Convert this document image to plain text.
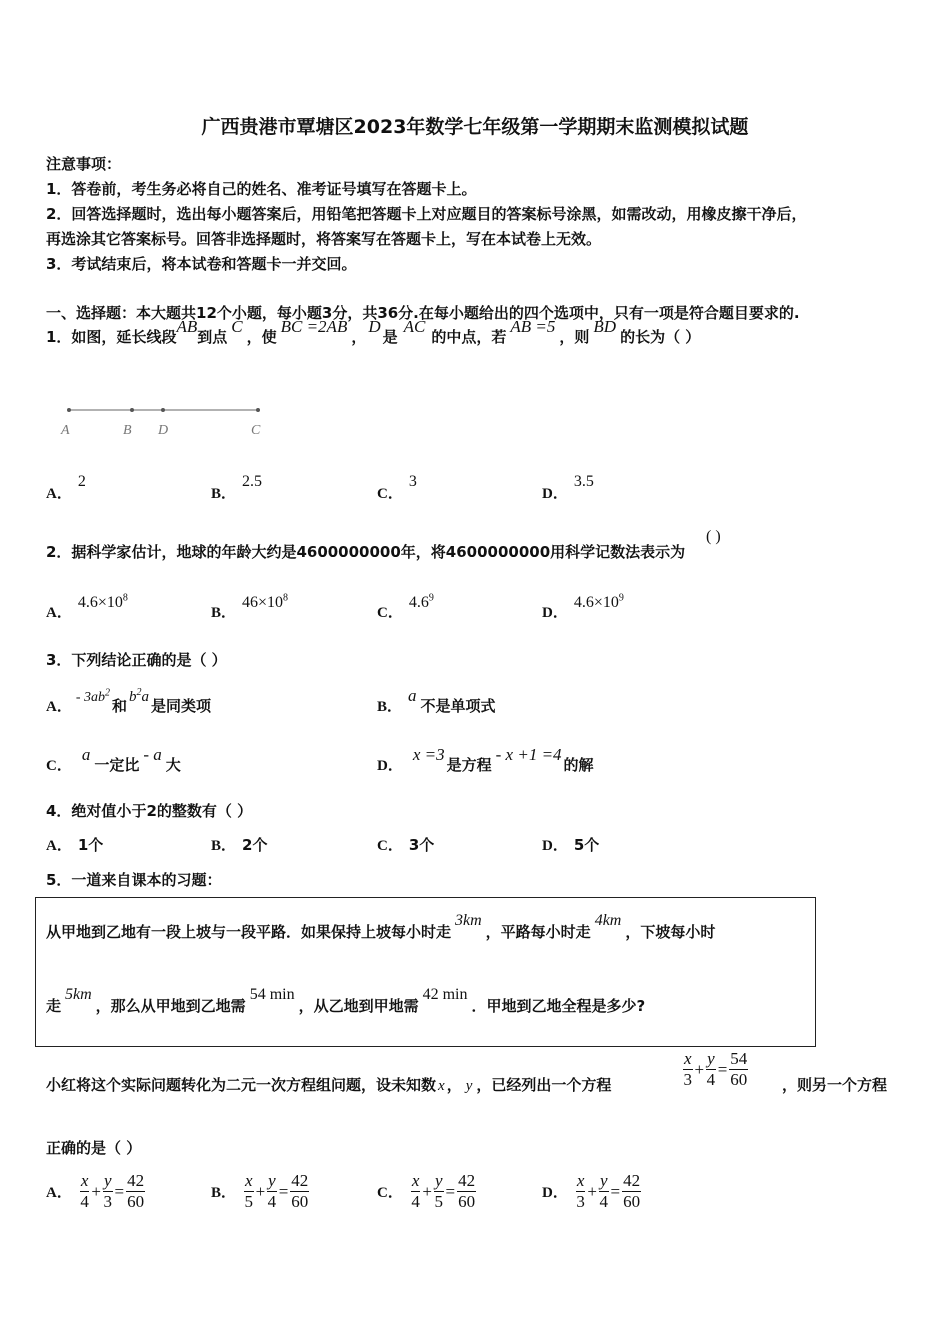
广西贵港市覃塘区2023年数学七年级第一学期期末监测模拟试题
注意事项：
1．答卷前，考生务必将自己的姓名、准考证号填写在答题卡上。
2．回答选择题时，选出每小题答案后，用铅笔把答题卡上对应题目的答案标号涂黑，如需改动，用橡皮擦干净后，
再选涂其它答案标号。回答非选择题时，将答案写在答题卡上，写在本试卷上无效。
3．考试结束后，将本试卷和答题卡一并交回。
一、选择题：本大题共12个小题，每小题3分，共36分.在每小题给出的四个选项中，只有一项是符合题目要求的.
1．如图，延长线段AB到点C，使BC =2AB，D是AC的中点，若AB =5，则BD的长为（ ）
A	B D	C
A．2
B．2.5
C．3
D．3.5
2．据科学家估计，地球的年龄大约是4600000000年，将4600000000用科学记数法表示为
( )
A．$4.6\times 10^8$
B．$46\times 10^8$
C．$4.6^9$
D．$4.6\times 10^9$
3．下列结论正确的是（ ）
A．- $3ab^2$和 $b^2a$ 是同类项	B．a不是单项式
C．a一定比- a大	D．x =3是方程- x +1 =4的解
4．绝对值小于2的整数有（ ）
A． 1个	B． 2个	C． 3个	D． 5个
5．一道来自课本的习题：
从甲地到乙地有一段上坡与一段平路．如果保持上坡每小时走3km，平路每小时走4km，下坡每小时
走5km，那么从甲地到乙地需54 min，从乙地到甲地需42 min．甲地到乙地全程是多少?
小红将这个实际问题转化为二元一次方程组问题，设未知数 x ， y ，已经列出一个方程	$\frac{x}{3} + \frac{y}{4} = \frac{54}{60}$ ，则另一个方程
正确的是（ ）
A． $\frac{x}{4} + \frac{y}{3} = \frac{42}{60}$	B． $\frac{x}{5} + \frac{y}{4} = \frac{42}{60}$	C． $\frac{x}{4} + \frac{y}{5} = \frac{42}{60}$	D． $\frac{x}{3} + \frac{y}{4} = \frac{42}{60}$
